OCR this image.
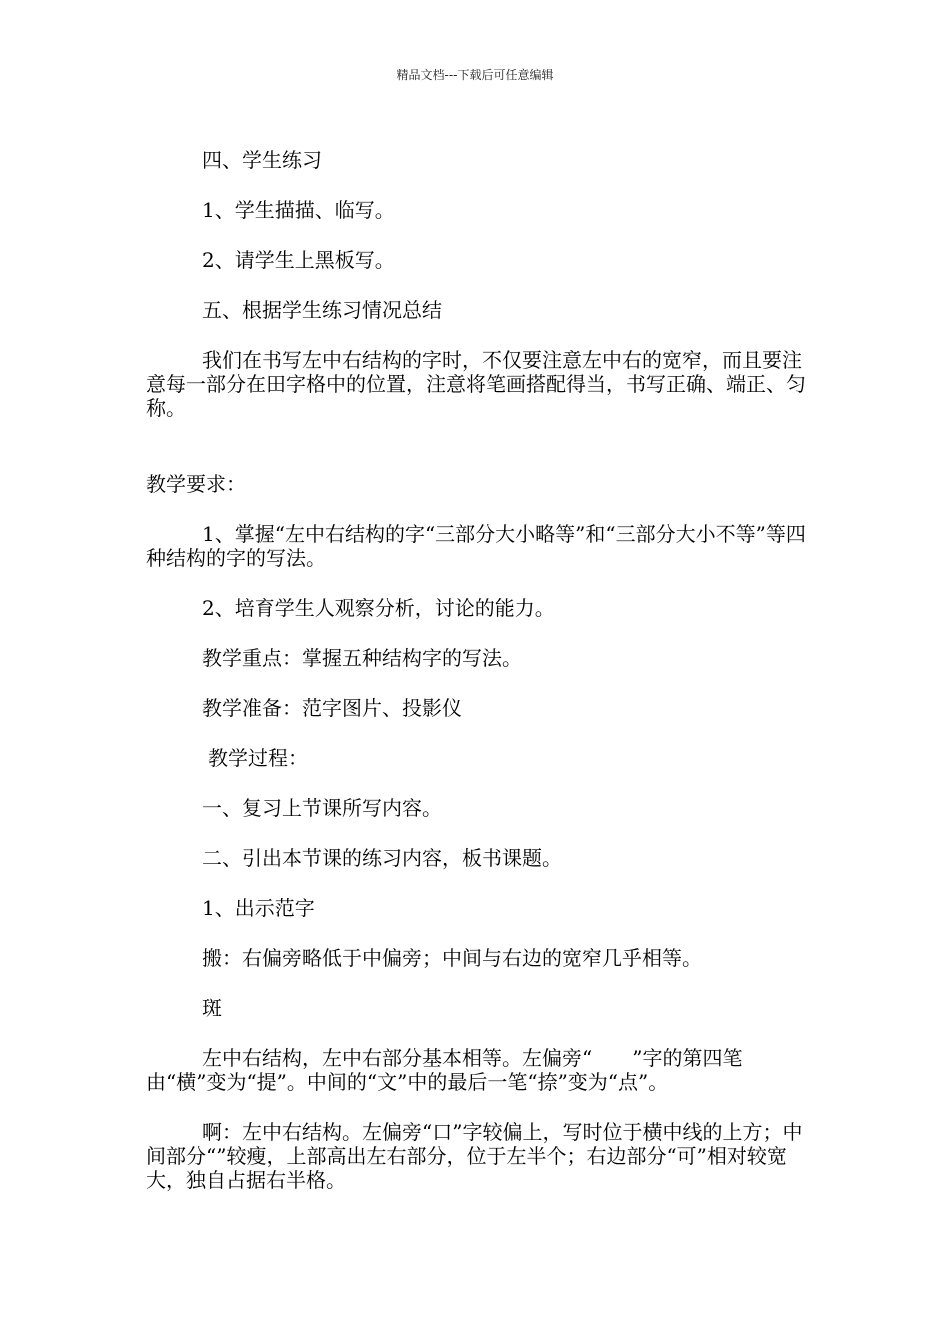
精品文档---下载后可任意编辑

四、学生练习

1、学生描描、临写。

2、请学生上黑板写。

五、根据学生练习情况总结

我们在书写左中右结构的字时，不仅要注意左中右的宽窄，而且要注意每一部分在田字格中的位置，注意将笔画搭配得当，书写正确、端正、匀称。

教学要求：

1、掌握“左中右结构的字“三部分大小略等”和“三部分大小不等”等四种结构的字的写法。

2、培育学生人观察分析，讨论的能力。

教学重点：掌握五种结构字的写法。

教学准备：范字图片、投影仪

教学过程：

一、复习上节课所写内容。

二、引出本节课的练习内容，板书课题。

1、出示范字

搬：右偏旁略低于中偏旁；中间与右边的宽窄几乎相等。

斑

左中右结构，左中右部分基本相等。左偏旁“　　”字的第四笔由“横”变为“提”。中间的“文”中的最后一笔“捺”变为“点”。

啊：左中右结构。左偏旁“口”字较偏上，写时位于横中线的上方；中间部分“”较瘦，上部高出左右部分，位于左半个；右边部分“可”相对较宽大，独自占据右半格。
